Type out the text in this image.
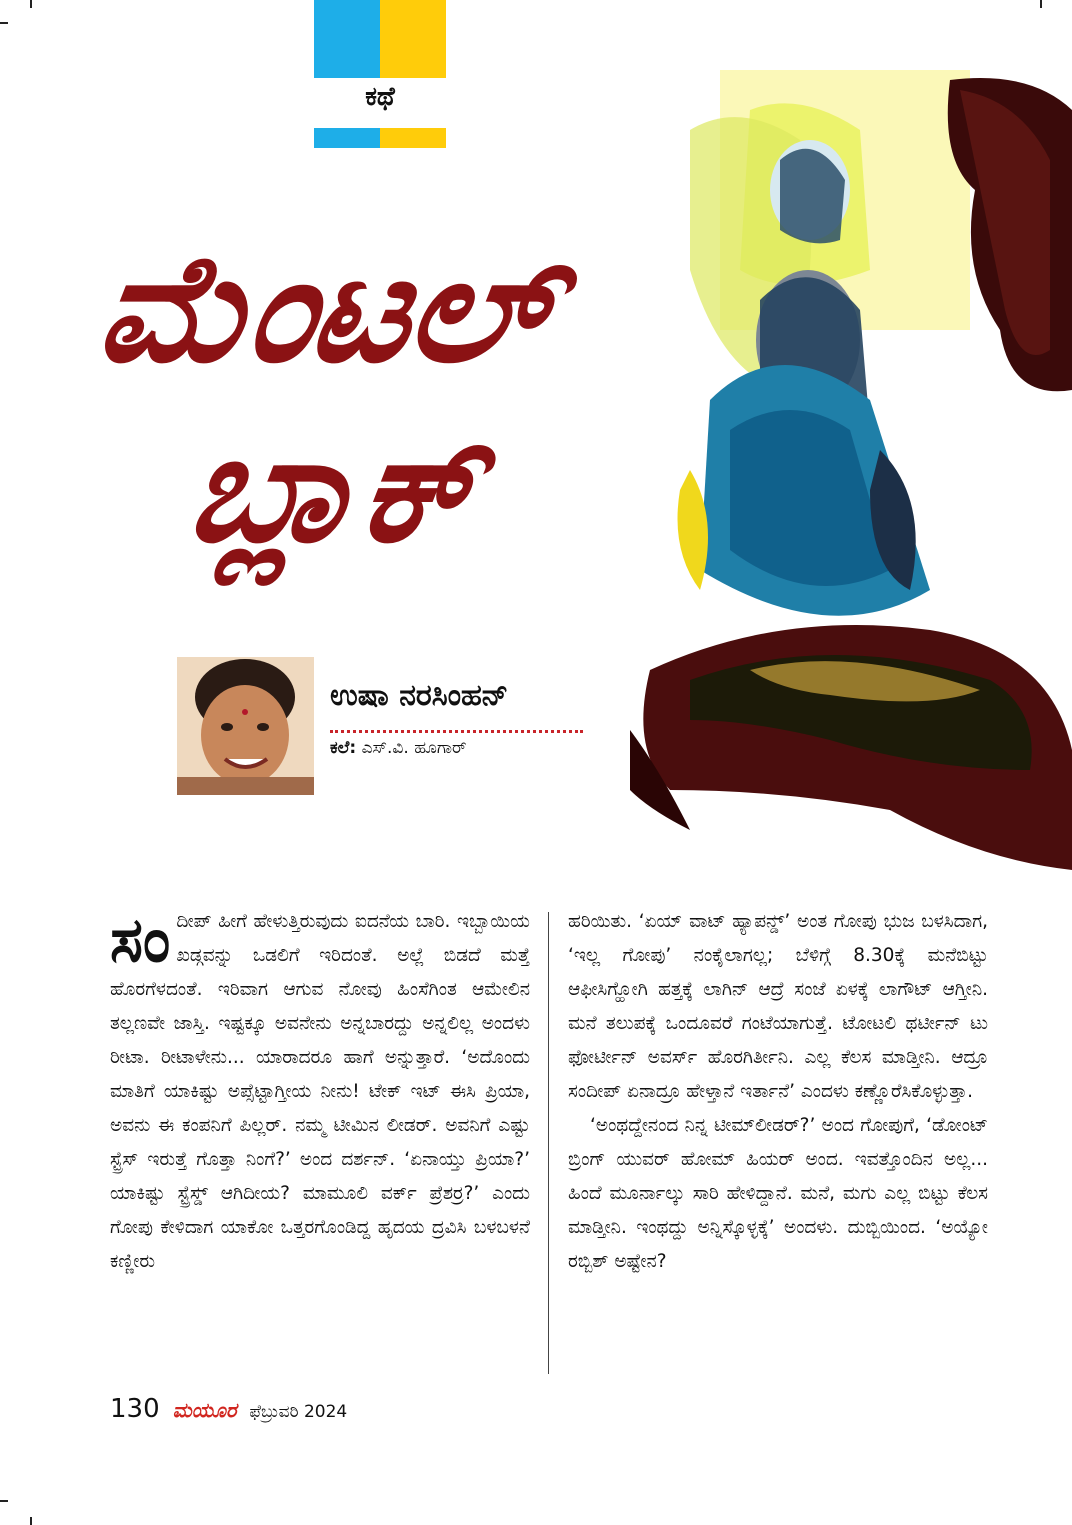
ಕಥೆ
ಮೆಂಟಲ್
ಬ್ಲಾಕ್
ಉಷಾ ನರಸಿಂಹನ್
ಕಲೆ: ಎಸ್.ವಿ. ಹೂಗಾರ್
ಸಂ ದೀಪ್ ಹೀಗೆ ಹೇಳುತ್ತಿರುವುದು ಐದನೆಯ ಬಾರಿ. ಇಬ್ಬಾಯಿಯ ಖಡ್ಗವನ್ನು ಒಡಲಿಗೆ ಇರಿದಂತೆ. ಅಲ್ಲೆ ಬಿಡದೆ ಮತ್ತೆ ಹೊರಗೆಳದಂತೆ. ಇರಿವಾಗ ಆಗುವ ನೋವು ಹಿಂಸೆಗಿಂತ ಆಮೇಲಿನ ತಲ್ಲಣವೇ ಜಾಸ್ತಿ. ಇಷ್ಟಕ್ಕೂ ಅವನೇನು ಅನ್ನಬಾರದ್ದು ಅನ್ನಲಿಲ್ಲ ಅಂದಳು ರೀಟಾ. ರೀಟಾಳೇನು... ಯಾರಾದರೂ ಹಾಗೆ ಅನ್ನುತ್ತಾರೆ. ‘ಅದೊಂದು ಮಾತಿಗೆ ಯಾಕಿಷ್ಟು ಅಪ್ಸೆಟ್ಟಾಗ್ತೀಯ ನೀನು! ಟೇಕ್ ಇಟ್ ಈಸಿ ಪ್ರಿಯಾ, ಅವನು ಈ ಕಂಪನಿಗೆ ಪಿಲ್ಲರ್. ನಮ್ಮ ಟೀಮಿನ ಲೀಡರ್. ಅವನಿಗೆ ಎಷ್ಟು ಸ್ಟ್ರೆಸ್ ಇರುತ್ತೆ ಗೊತ್ತಾ ನಿಂಗೆ?’ ಅಂದ ದರ್ಶನ್. ‘ಏನಾಯ್ತು ಪ್ರಿಯಾ?’ ಯಾಕಿಷ್ಟು ಸ್ಟ್ರೆಸ್ಡ್ ಆಗಿದೀಯ? ಮಾಮೂಲಿ ವರ್ಕ್ ಪ್ರೆಶರ್ರ?’ ಎಂದು ಗೋಪು ಕೇಳಿದಾಗ ಯಾಕೋ ಒತ್ತರಗೊಂಡಿದ್ದ ಹೃದಯ ದ್ರವಿಸಿ ಬಳಬಳನೆ ಕಣ್ಣೀರು

ಹರಿಯಿತು. ‘ಏಯ್ ವಾಟ್ ಹ್ಯಾಪನ್ಡ್’ ಅಂತ ಗೋಪು ಭುಜ ಬಳಸಿದಾಗ, ‘ಇಲ್ಲ ಗೋಪು’ ನಂಕೈಲಾಗಲ್ಲ; ಬೆಳಿಗ್ಗೆ 8.30ಕ್ಕೆ ಮನೆಬಿಟ್ಟು ಆಫೀಸಿಗ್ಹೋಗಿ ಹತ್ತಕ್ಕೆ ಲಾಗಿನ್ ಆದ್ರೆ ಸಂಜೆ ಏಳಕ್ಕೆ ಲಾಗೌಟ್ ಆಗ್ತೀನಿ. ಮನೆ ತಲುಪಕ್ಕೆ ಒಂದೂವರೆ ಗಂಟೆಯಾಗುತ್ತೆ. ಟೋಟಲಿ ಥರ್ಟೀನ್ ಟು ಫೋರ್ಟೀನ್ ಅವರ್ಸ್ ಹೊರಗಿರ್ತೀನಿ. ಎಲ್ಲ ಕೆಲಸ ಮಾಡ್ತೀನಿ. ಆದ್ರೂ ಸಂದೀಪ್ ಏನಾದ್ರೂ ಹೇಳ್ತಾನೆ ಇರ್ತಾನೆ’ ಎಂದಳು ಕಣ್ಣೊರೆಸಿಕೊಳ್ಳುತ್ತಾ.

‘ಅಂಥದ್ದೇನಂದ ನಿನ್ನ ಟೀಮ್‌ಲೀಡರ್?’ ಅಂದ ಗೋಪುಗೆ, ‘ಡೋಂಟ್ ಬ್ರಿಂಗ್ ಯುವರ್ ಹೋಮ್ ಹಿಯರ್ ಅಂದ. ಇವತ್ತೊಂದಿನ ಅಲ್ಲ... ಹಿಂದೆ ಮೂರ್ನಾಲ್ಕು ಸಾರಿ ಹೇಳಿದ್ದಾನೆ. ಮನೆ, ಮಗು ಎಲ್ಲ ಬಿಟ್ಟು ಕೆಲಸ ಮಾಡ್ತೀನಿ. ಇಂಥದ್ದು ಅನ್ನಿಸ್ಕೊಳ್ಳಕ್ಕೆ’ ಅಂದಳು. ದುಬ್ಬಿಯಿಂದ. ‘ಅಯ್ಯೋ ರಬ್ಬಿಶ್ ಅಷ್ಟೇನ?

130 ಮಯೂರ ಫೆಬ್ರುವರಿ 2024
